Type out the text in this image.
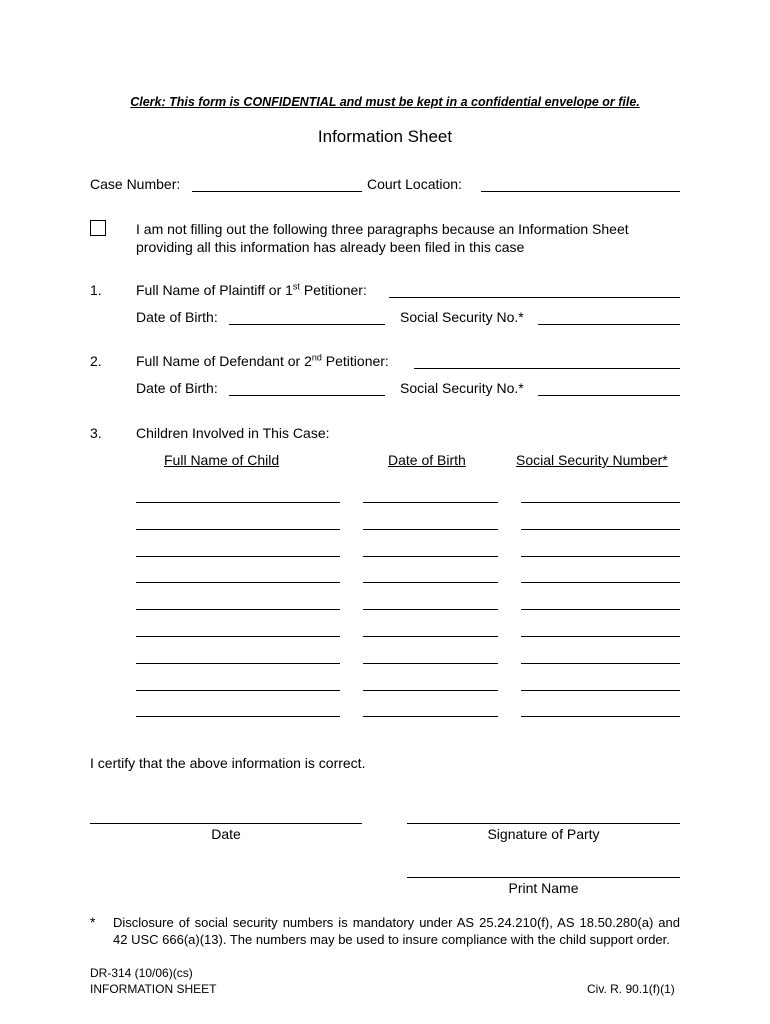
Clerk: This form is CONFIDENTIAL and must be kept in a confidential envelope or file.
Information Sheet
Case Number:	Court Location:
I am not filling out the following three paragraphs because an Information Sheet
providing all this information has already been filed in this case
1. Full Name of Plaintiff or 1st Petitioner:
Date of Birth:	Social Security No.*
2. Full Name of Defendant or 2nd Petitioner:
Date of Birth:	Social Security No.*
3. Children Involved in This Case:
Full Name of Child	Date of Birth	Social Security Number*
I certify that the above information is correct.
Date	Signature of Party
Print Name
* Disclosure of social security numbers is mandatory under AS 25.24.210(f), AS 18.50.280(a) and 42 USC 666(a)(13). The numbers may be used to insure compliance with the child support order.
DR-314 (10/06)(cs)
INFORMATION SHEET	Civ. R. 90.1(f)(1)
